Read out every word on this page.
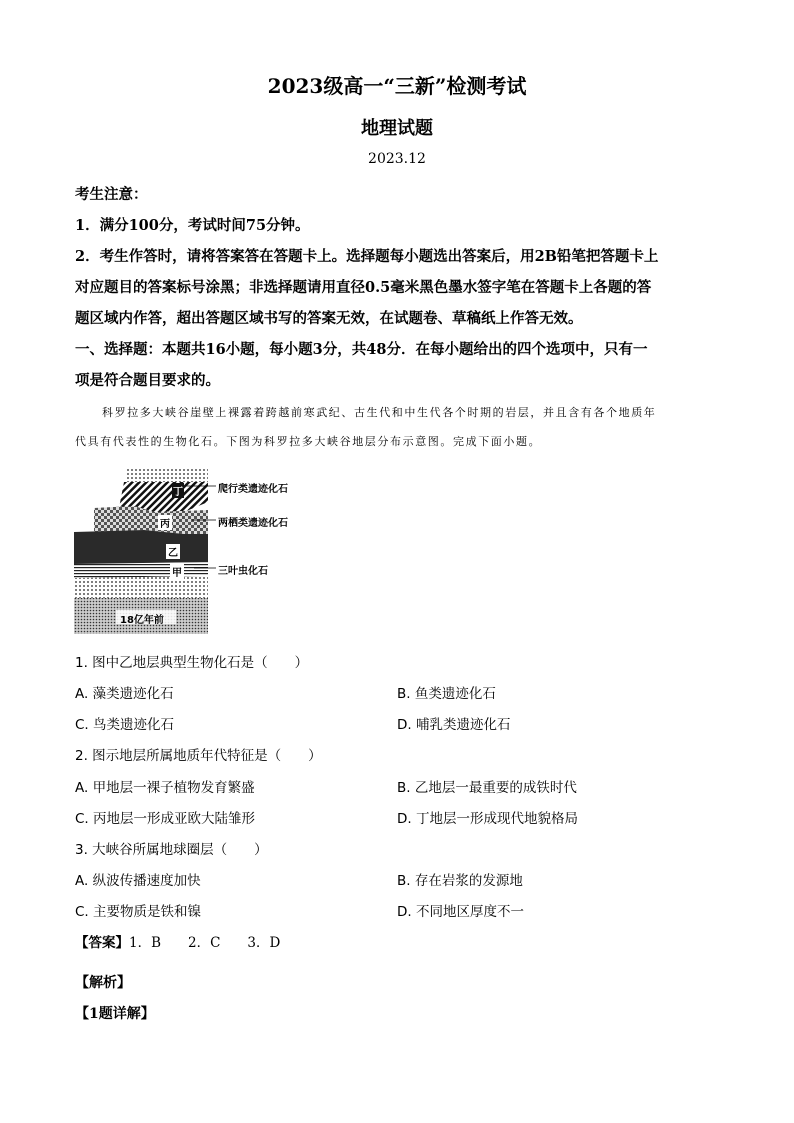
2023级高一“三新”检测考试
地理试题
2023.12
考生注意：
1．满分100分，考试时间75分钟。
2．考生作答时，请将答案答在答题卡上。选择题每小题选出答案后，用2B铅笔把答题卡上
对应题目的答案标号涂黑；非选择题请用直径0.5毫米黑色墨水签字笔在答题卡上各题的答
题区域内作答，超出答题区域书写的答案无效，在试题卷、草稿纸上作答无效。
一、选择题：本题共16小题，每小题3分，共48分．在每小题给出的四个选项中，只有一
项是符合题目要求的。
科罗拉多大峡谷崖壁上裸露着跨越前寒武纪、古生代和中生代各个时期的岩层，并且含有各个地质年
代具有代表性的生物化石。下图为科罗拉多大峡谷地层分布示意图。完成下面小题。
丁
丙
乙
甲
18亿年前
爬行类遗迹化石
两栖类遗迹化石
三叶虫化石
1. 图中乙地层典型生物化石是（　　）
A. 藻类遗迹化石	B. 鱼类遗迹化石
C. 鸟类遗迹化石	D. 哺乳类遗迹化石
2. 图示地层所属地质年代特征是（　　）
A. 甲地层一裸子植物发育繁盛	B. 乙地层一最重要的成铁时代
C. 丙地层一形成亚欧大陆雏形	D. 丁地层一形成现代地貌格局
3. 大峡谷所属地球圈层（　　）
A. 纵波传播速度加快	B. 存在岩浆的发源地
C. 主要物质是铁和镍	D. 不同地区厚度不一
【答案】1．B　　2．C　　3．D
【解析】
【1题详解】
